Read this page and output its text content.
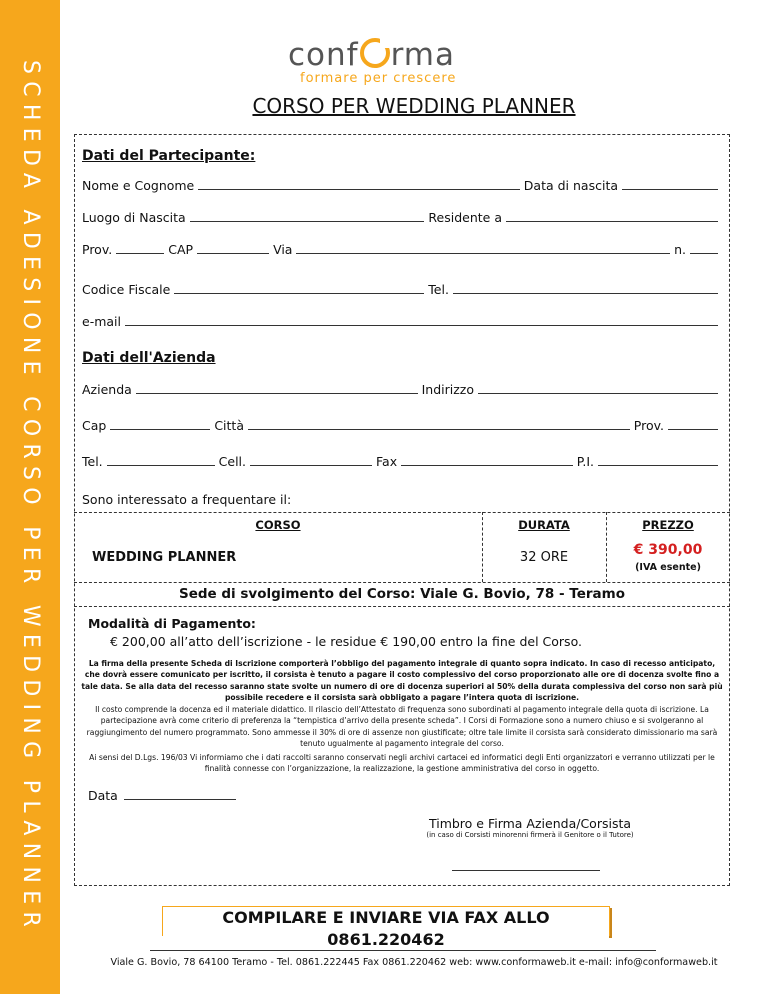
SCHEDA ADESIONE CORSO PER WEDDING PLANNER
conf rma
formare per crescere
CORSO PER WEDDING PLANNER
Dati del Partecipante:
Nome e Cognome	Data di nascita
Luogo di Nascita	Residente a
Prov.	CAP	Via	n.
Codice Fiscale	Tel.
e-mail
Dati dell'Azienda
Azienda	Indirizzo
Cap	Città	Prov.
Tel.	Cell.	Fax	P.I.
Sono interessato a frequentare il:
CORSO	DURATA	PREZZO
WEDDING PLANNER	32 ORE	€ 390,00
(IVA esente)
Sede di svolgimento del Corso: Viale G. Bovio, 78 - Teramo
Modalità di Pagamento:
€ 200,00 all’atto dell’iscrizione - le residue € 190,00 entro la fine del Corso.
La firma della presente Scheda di Iscrizione comporterà l’obbligo del pagamento integrale di quanto sopra indicato. In caso di recesso anticipato, che dovrà essere comunicato per iscritto, il corsista è tenuto a pagare il costo complessivo del corso proporzionato alle ore di docenza svolte fino a tale data. Se alla data del recesso saranno state svolte un numero di ore di docenza superiori al 50% della durata complessiva del corso non sarà più possibile recedere e il corsista sarà obbligato a pagare l’intera quota di iscrizione.
Il costo comprende la docenza ed il materiale didattico. Il rilascio dell’Attestato di frequenza sono subordinati al pagamento integrale della quota di iscrizione. La partecipazione avrà come criterio di preferenza la “tempistica d’arrivo della presente scheda”. I Corsi di Formazione sono a numero chiuso e si svolgeranno al raggiungimento del numero programmato. Sono ammesse il 30% di ore di assenze non giustificate; oltre tale limite il corsista sarà considerato dimissionario ma sarà tenuto ugualmente al pagamento integrale del corso.
Ai sensi del D.Lgs. 196/03 Vi informiamo che i dati raccolti saranno conservati negli archivi cartacei ed informatici degli Enti organizzatori e verranno utilizzati per le finalità connesse con l’organizzazione, la realizzazione, la gestione amministrativa del corso in oggetto.
Data
Timbro e Firma Azienda/Corsista
(in caso di Corsisti minorenni firmerà il Genitore o il Tutore)
COMPILARE E INVIARE VIA FAX ALLO 0861.220462
Viale G. Bovio, 78 64100 Teramo - Tel. 0861.222445 Fax 0861.220462 web: www.conformaweb.it e-mail: info@conformaweb.it
